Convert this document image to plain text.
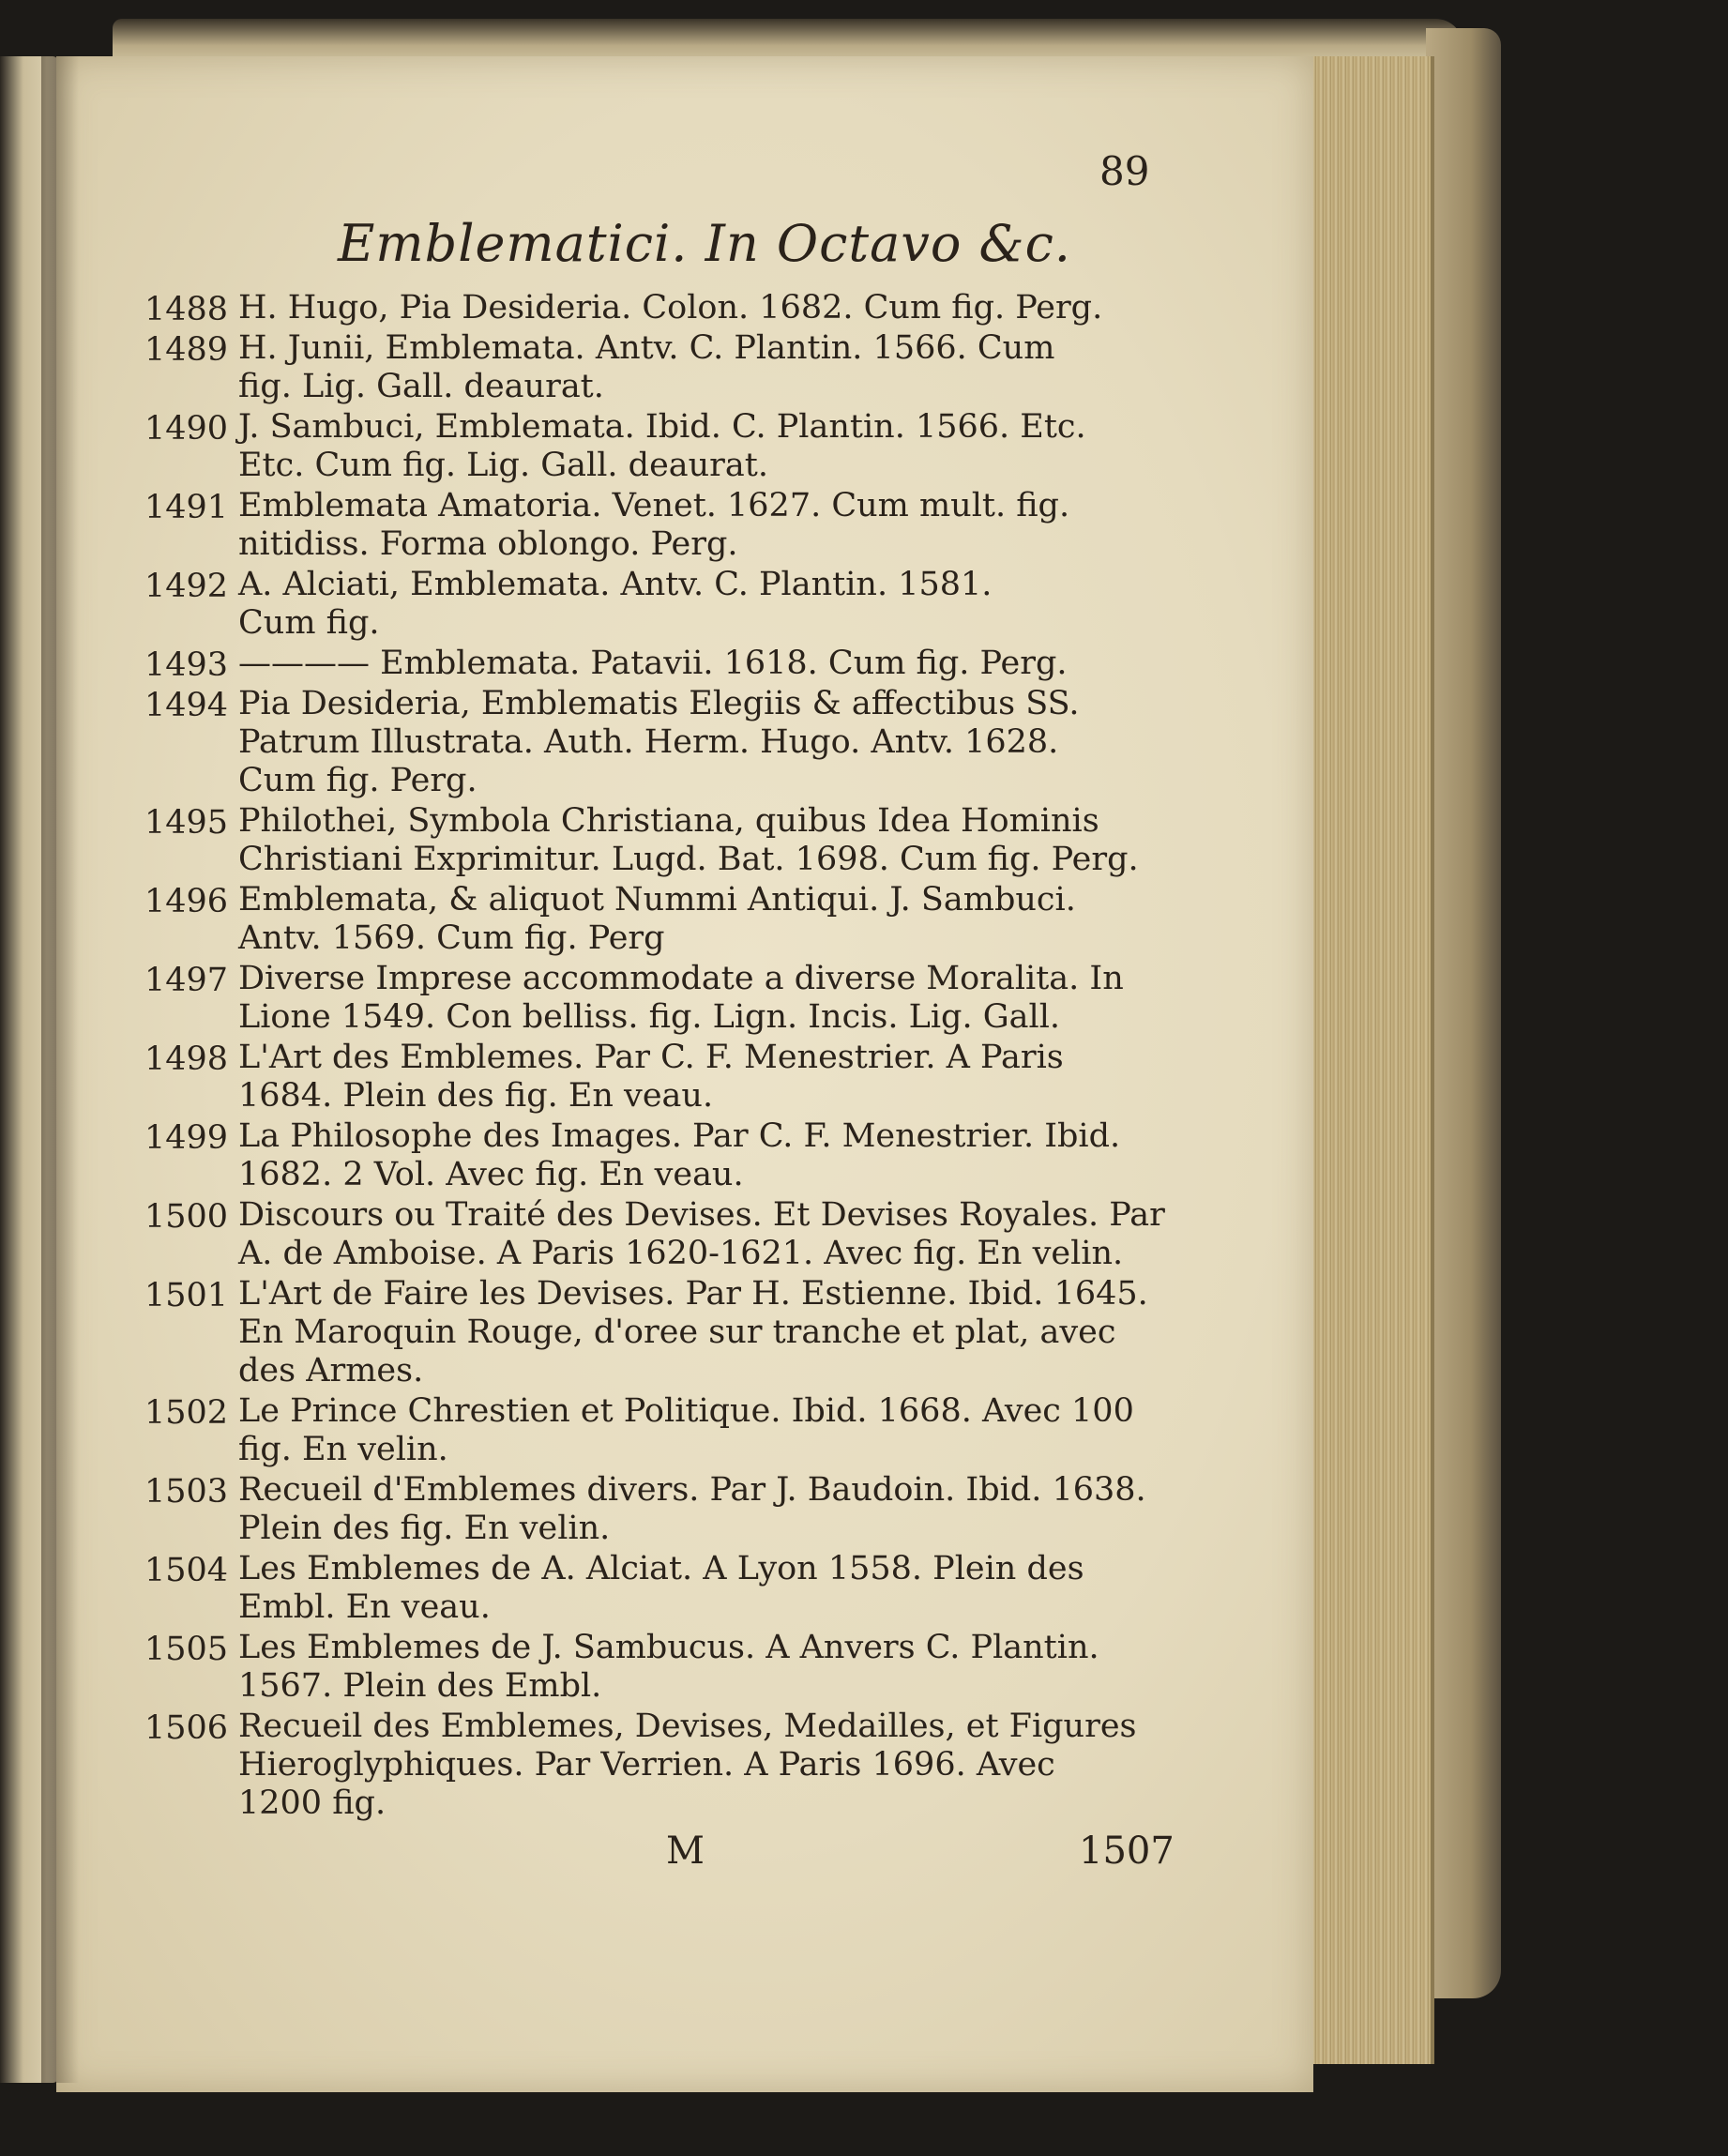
89
Emblematici. In Octavo &c.
1488 H. Hugo, Pia Desideria. Colon. 1682. Cum fig. Perg.
1489 H. Junii, Emblemata. Antv. C. Plantin. 1566. Cum
fig. Lig. Gall. deaurat.
1490 J. Sambuci, Emblemata. Ibid. C. Plantin. 1566. Etc.
Etc. Cum fig. Lig. Gall. deaurat.
1491 Emblemata Amatoria. Venet. 1627. Cum mult. fig.
nitidiss. Forma oblongo. Perg.
1492 A. Alciati, Emblemata. Antv. C. Plantin. 1581.
Cum fig.
1493 ———— Emblemata. Patavii. 1618. Cum fig. Perg.
1494 Pia Desideria, Emblematis Elegiis & affectibus SS.
Patrum Illustrata. Auth. Herm. Hugo. Antv. 1628.
Cum fig. Perg.
1495 Philothei, Symbola Christiana, quibus Idea Hominis
Christiani Exprimitur. Lugd. Bat. 1698. Cum fig. Perg.
1496 Emblemata, & aliquot Nummi Antiqui. J. Sambuci.
Antv. 1569. Cum fig. Perg
1497 Diverse Imprese accommodate a diverse Moralita. In
Lione 1549. Con belliss. fig. Lign. Incis. Lig. Gall.
1498 L'Art des Emblemes. Par C. F. Menestrier. A Paris
1684. Plein des fig. En veau.
1499 La Philosophe des Images. Par C. F. Menestrier. Ibid.
1682. 2 Vol. Avec fig. En veau.
1500 Discours ou Traité des Devises. Et Devises Royales. Par
A. de Amboise. A Paris 1620-1621. Avec fig. En velin.
1501 L'Art de Faire les Devises. Par H. Estienne. Ibid. 1645.
En Maroquin Rouge, d'oree sur tranche et plat, avec
des Armes.
1502 Le Prince Chrestien et Politique. Ibid. 1668. Avec 100
fig. En velin.
1503 Recueil d'Emblemes divers. Par J. Baudoin. Ibid. 1638.
Plein des fig. En velin.
1504 Les Emblemes de A. Alciat. A Lyon 1558. Plein des
Embl. En veau.
1505 Les Emblemes de J. Sambucus. A Anvers C. Plantin.
1567. Plein des Embl.
1506 Recueil des Emblemes, Devises, Medailles, et Figures
Hieroglyphiques. Par Verrien. A Paris 1696. Avec
1200 fig.
M	1507
